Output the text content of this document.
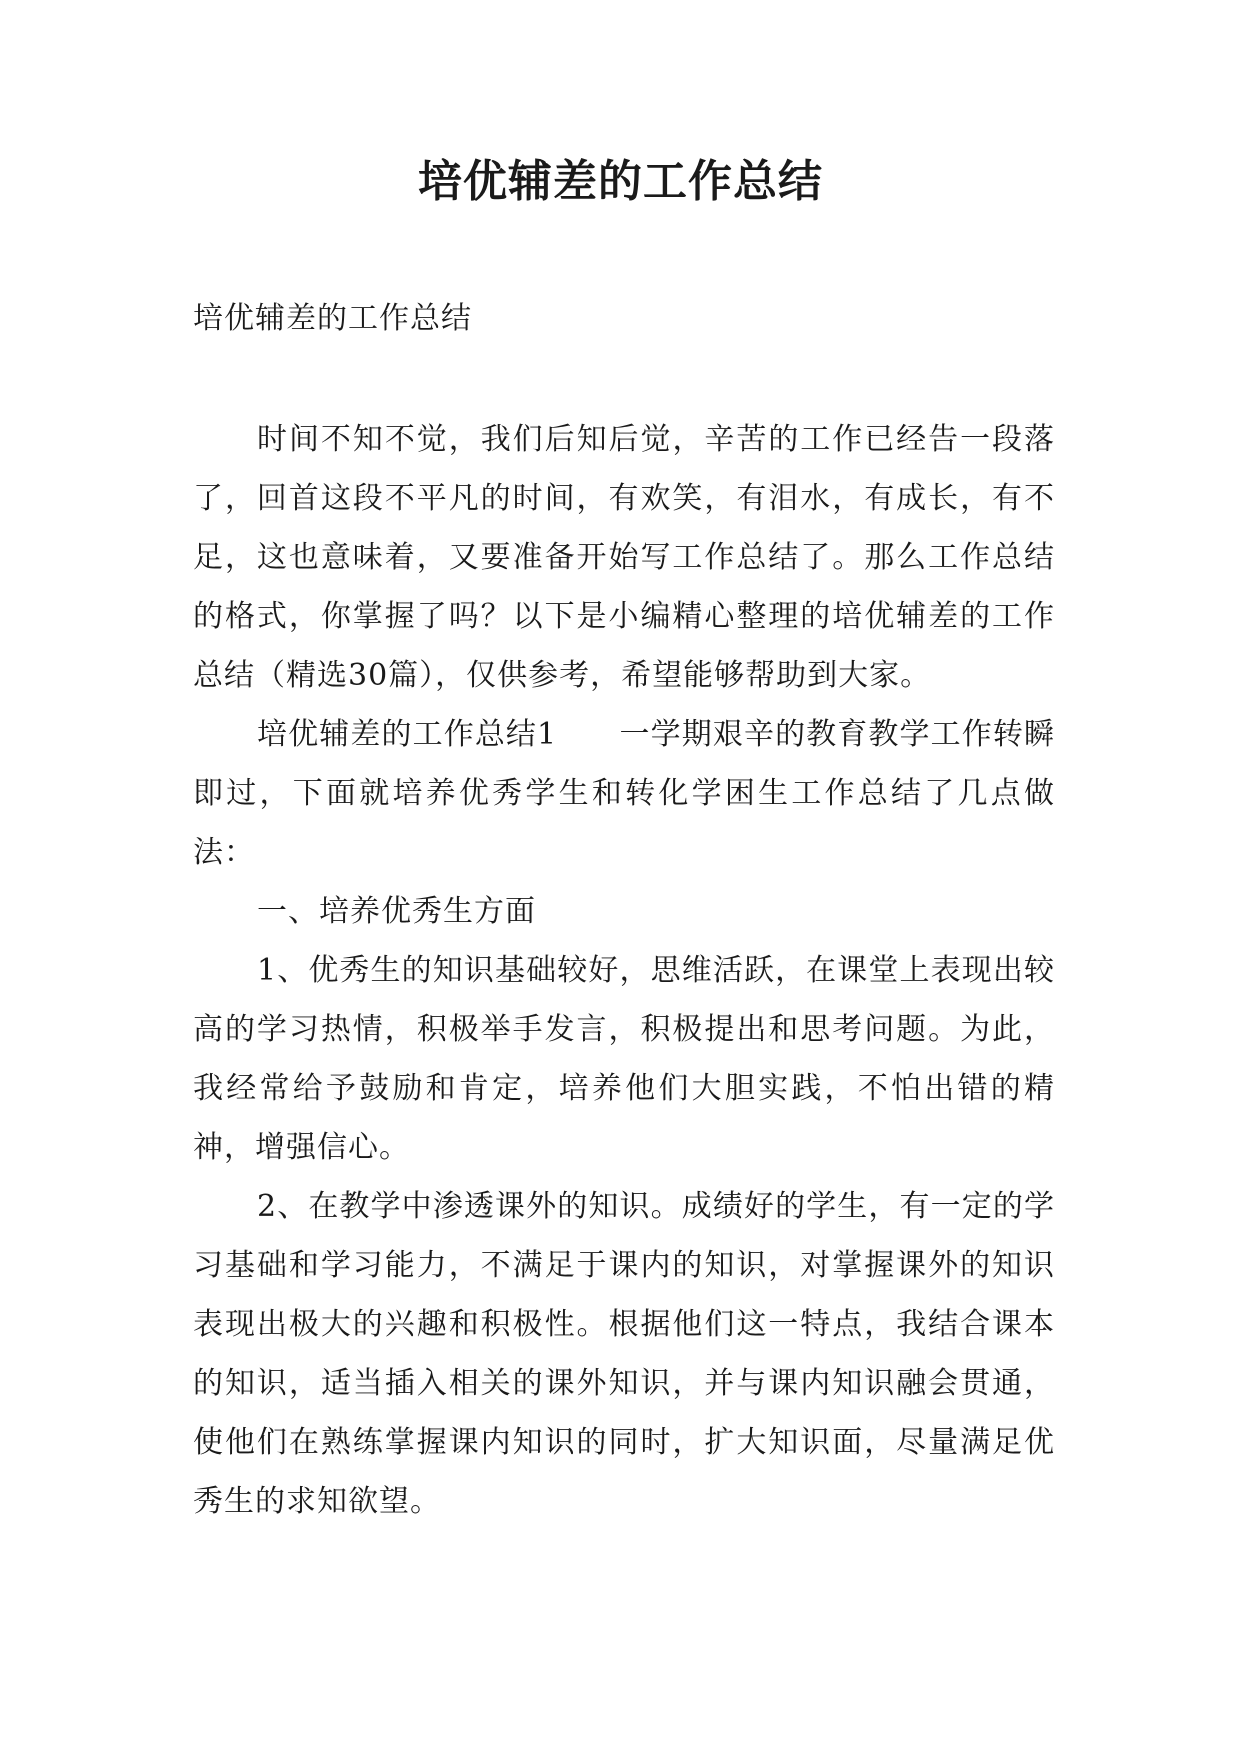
培优辅差的工作总结

培优辅差的工作总结

时间不知不觉，我们后知后觉，辛苦的工作已经告一段落了，回首这段不平凡的时间，有欢笑，有泪水，有成长，有不足，这也意味着，又要准备开始写工作总结了。那么工作总结的格式，你掌握了吗？以下是小编精心整理的培优辅差的工作总结（精选30篇），仅供参考，希望能够帮助到大家。

培优辅差的工作总结1　　一学期艰辛的教育教学工作转瞬即过，下面就培养优秀学生和转化学困生工作总结了几点做法：

一、培养优秀生方面

1、优秀生的知识基础较好，思维活跃，在课堂上表现出较高的学习热情，积极举手发言，积极提出和思考问题。为此，我经常给予鼓励和肯定，培养他们大胆实践，不怕出错的精神，增强信心。

2、在教学中渗透课外的知识。成绩好的学生，有一定的学习基础和学习能力，不满足于课内的知识，对掌握课外的知识表现出极大的兴趣和积极性。根据他们这一特点，我结合课本的知识，适当插入相关的课外知识，并与课内知识融会贯通，使他们在熟练掌握课内知识的同时，扩大知识面，尽量满足优秀生的求知欲望。
